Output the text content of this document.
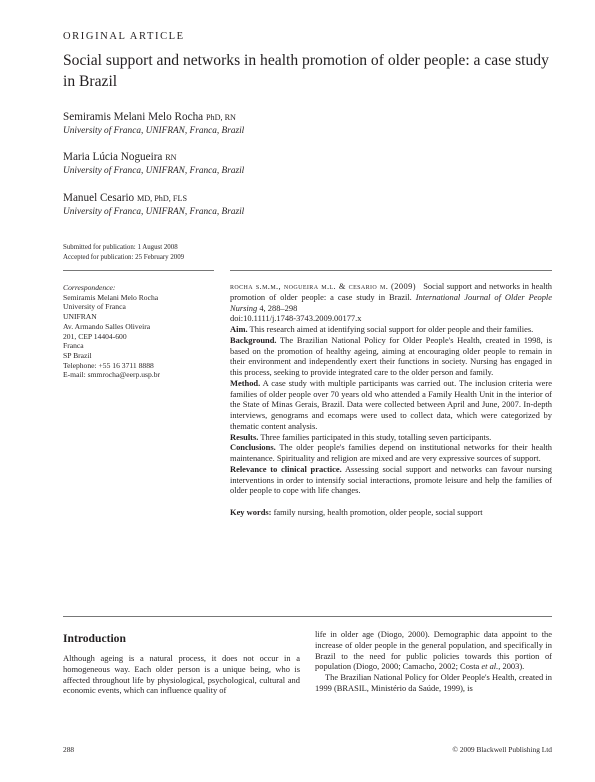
ORIGINAL ARTICLE
Social support and networks in health promotion of older people: a case study in Brazil
Semiramis Melani Melo Rocha PhD, RN
University of Franca, UNIFRAN, Franca, Brazil
Maria Lúcia Nogueira RN
University of Franca, UNIFRAN, Franca, Brazil
Manuel Cesario MD, PhD, FLS
University of Franca, UNIFRAN, Franca, Brazil
Submitted for publication: 1 August 2008
Accepted for publication: 25 February 2009
Correspondence:
Semiramis Melani Melo Rocha
University of Franca
UNIFRAN
Av. Armando Salles Oliveira
201, CEP 14404-600
Franca
SP Brazil
Telephone: +55 16 3711 8888
E-mail: smmrocha@eerp.usp.br

rocha s.m.m., nogueira m.l. & cesario m. (2009) Social support and networks in health promotion of older people: a case study in Brazil. International Journal of Older People Nursing 4, 288–298
doi:10.1111/j.1748-3743.2009.00177.x

Aim. This research aimed at identifying social support for older people and their families.

Background. The Brazilian National Policy for Older People's Health, created in 1998, is based on the promotion of healthy ageing, aiming at encouraging older people to remain in their environment and independently exert their functions in society. Nursing has engaged in this process, seeking to provide integrated care to the older person and family.

Method. A case study with multiple participants was carried out. The inclusion criteria were families of older people over 70 years old who attended a Family Health Unit in the interior of the State of Minas Gerais, Brazil. Data were collected between April and June, 2007. In-depth interviews, genograms and ecomaps were used to collect data, which were categorized by thematic content analysis.

Results. Three families participated in this study, totalling seven participants.

Conclusions. The older people's families depend on institutional networks for their health maintenance. Spirituality and religion are mixed and are very expressive sources of support.

Relevance to clinical practice. Assessing social support and networks can favour nursing interventions in order to intensify social interactions, promote leisure and help the families of older people to cope with life changes.

Key words: family nursing, health promotion, older people, social support

Introduction

Although ageing is a natural process, it does not occur in a homogeneous way. Each older person is a unique being, who is affected throughout life by physiological, psychological, cultural and economic events, which can influence quality of

life in older age (Diogo, 2000). Demographic data appoint to the increase of older people in the general population, and specifically in Brazil to the need for public policies towards this portion of population (Diogo, 2000; Camacho, 2002; Costa et al., 2003).

The Brazilian National Policy for Older People's Health, created in 1999 (BRASIL, Ministério da Saúde, 1999), is

288	© 2009 Blackwell Publishing Ltd
